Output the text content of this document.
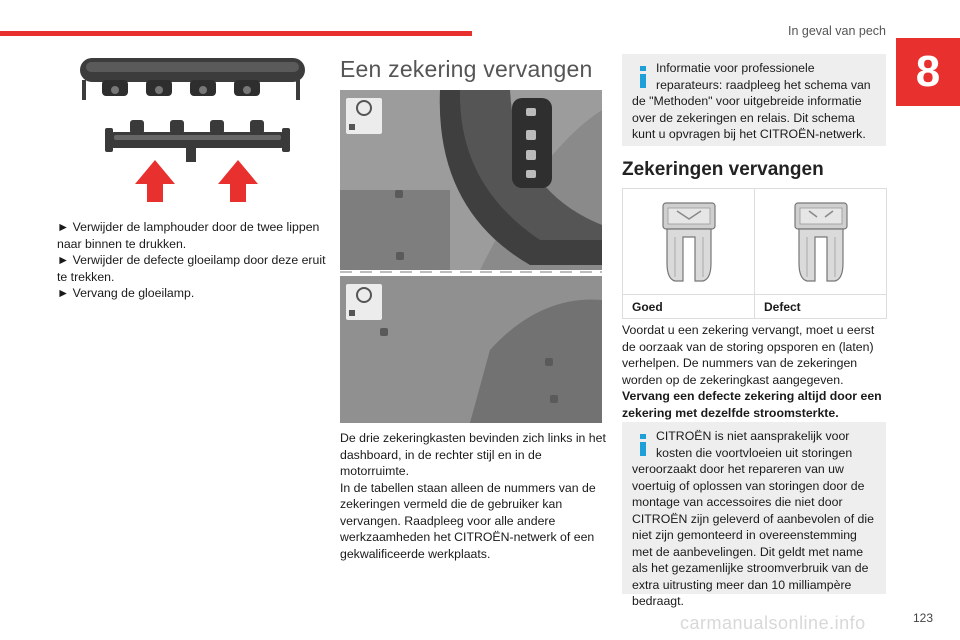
In geval van pech
8

► Verwijder de lamphouder door de twee lippen naar binnen te drukken.

► Verwijder de defecte gloeilamp door deze eruit te trekken.

► Vervang de gloeilamp.

Een zekering vervangen

De drie zekeringkasten bevinden zich links in het dashboard, in de rechter stijl en in de motorruimte.

In de tabellen staan alleen de nummers van de zekeringen vermeld die de gebruiker kan vervangen. Raadpleeg voor alle andere werkzaamheden het CITROËN-netwerk of een gekwalificeerde werkplaats.

Informatie voor professionele reparateurs: raadpleeg het schema van
de "Methoden" voor uitgebreide informatie over de zekeringen en relais. Dit schema kunt u opvragen bij het CITROËN-netwerk.
Zekeringen vervangen
Goed	Defect

Voordat u een zekering vervangt, moet u eerst de oorzaak van de storing opsporen en (laten) verhelpen. De nummers van de zekeringen worden op de zekeringkast aangegeven.

Vervang een defecte zekering altijd door een zekering met dezelfde stroomsterkte.

CITROËN is niet aansprakelijk voor kosten die voortvloeien uit storingen
veroorzaakt door het repareren van uw voertuig of oplossen van storingen door de montage van accessoires die niet door CITROËN zijn geleverd of aanbevolen of die niet zijn gemonteerd in overeenstemming met de aanbevelingen. Dit geldt met name als het gezamenlijke stroomverbruik van de extra uitrusting meer dan 10 milliampère bedraagt.
carmanualsonline.info	123
